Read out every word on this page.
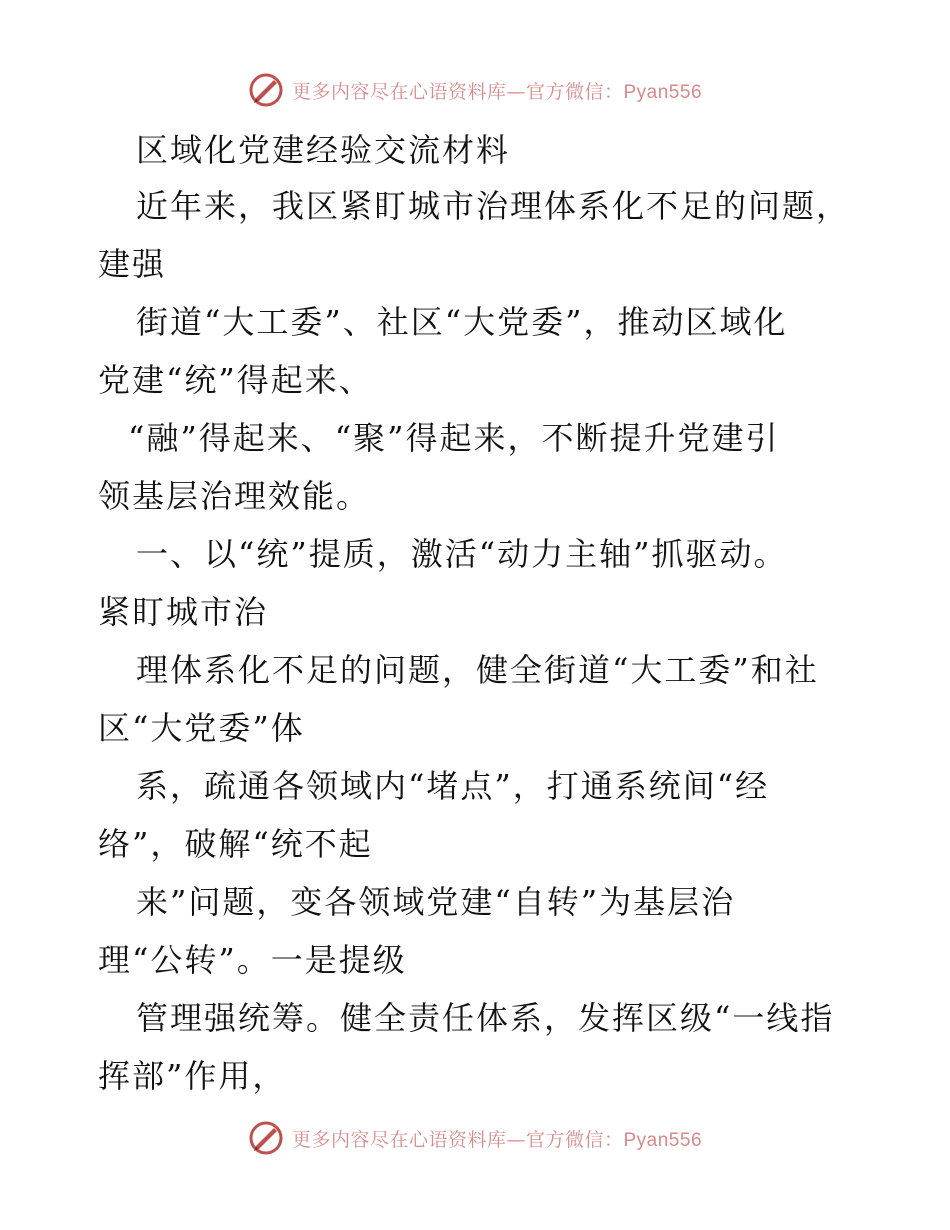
更多内容尽在心语资料库—官方微信：Pyan556
区域化党建经验交流材料
近年来，我区紧盯城市治理体系化不足的问题，
建强
街道“大工委”、社区“大党委”，推动区域化
党建“统”得起来、
“融”得起来、“聚”得起来，不断提升党建引
领基层治理效能。
一、以“统”提质，激活“动力主轴”抓驱动。
紧盯城市治
理体系化不足的问题，健全街道“大工委”和社
区“大党委”体
系，疏通各领域内“堵点”，打通系统间“经
络”，破解“统不起
来”问题，变各领域党建“自转”为基层治
理“公转”。一是提级
管理强统筹。健全责任体系，发挥区级“一线指
挥部”作用，
更多内容尽在心语资料库—官方微信：Pyan556
